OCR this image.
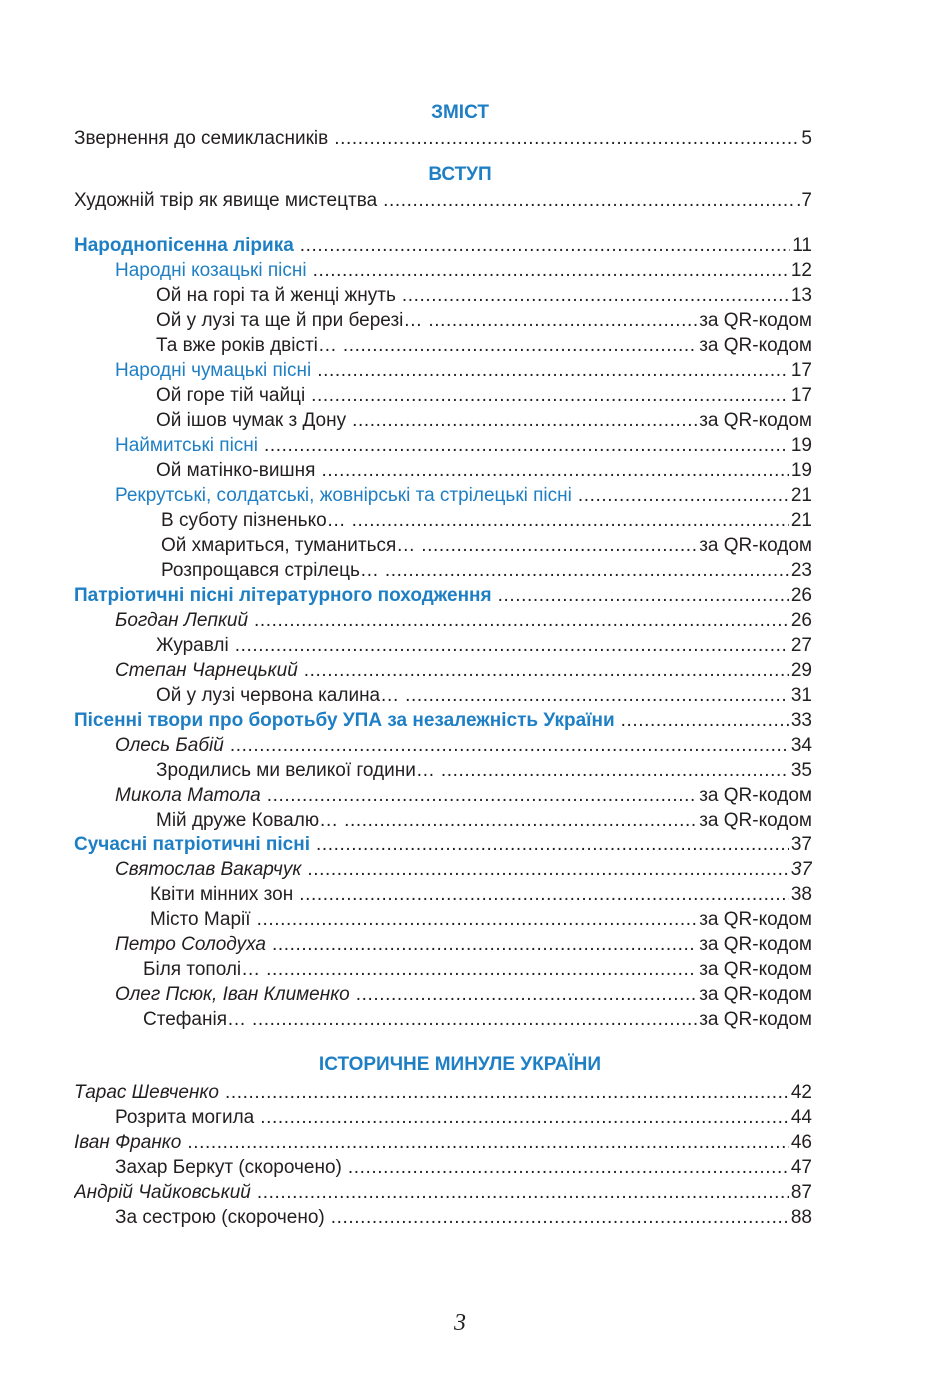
ЗМІСТ
Звернення до семикласників .....	5
ВСТУП
Художній твір як явище мистецтва .....	.7
Народнопісенна лірика .....	11
Народні козацькі пісні .....	12
Ой на горі та й женці жнуть .....	13
Ой у лузі та ще й при березі… .....	за QR-кодом
Та вже років двісті… .....	за QR-кодом
Народні чумацькі пісні .....	17
Ой горе тій чайці .....	17
Ой ішов чумак з Дону .....	за QR-кодом
Наймитські пісні .....	19
Ой матінко-вишня .....	19
Рекрутські, солдатські, жовнірські та стрілецькі пісні .....	21
В суботу пізненько… .....	21
Ой хмариться, туманиться… .....	за QR-кодом
Розпрощався стрілець… .....	23
Патріотичні пісні літературного походження .....	26
Богдан Лепкий .....	26
Журавлі .....	27
Степан Чарнецький .....	29
Ой у лузі червона калина… .....	31
Пісенні твори про боротьбу УПА за незалежність України .....	33
Олесь Бабій .....	34
Зродились ми великої години… .....	35
Микола Матола .....	за QR-кодом
Мій друже Ковалю… .....	за QR-кодом
Сучасні патріотичні пісні .....	37
Святослав Вакарчук .....	37
Квіти мінних зон .....	38
Місто Марії .....	за QR-кодом
Петро Солодуха .....	за QR-кодом
Біля тополі… .....	за QR-кодом
Олег Псюк, Іван Клименко .....	за QR-кодом
Стефанія… .....	за QR-кодом
ІСТОРИЧНЕ МИНУЛЕ УКРАЇНИ
Тарас Шевченко .....	42
Розрита могила .....	44
Іван Франко .....	46
Захар Беркут (скорочено) .....	47
Андрій Чайковський .....	87
За сестрою (скорочено) .....	88
3
